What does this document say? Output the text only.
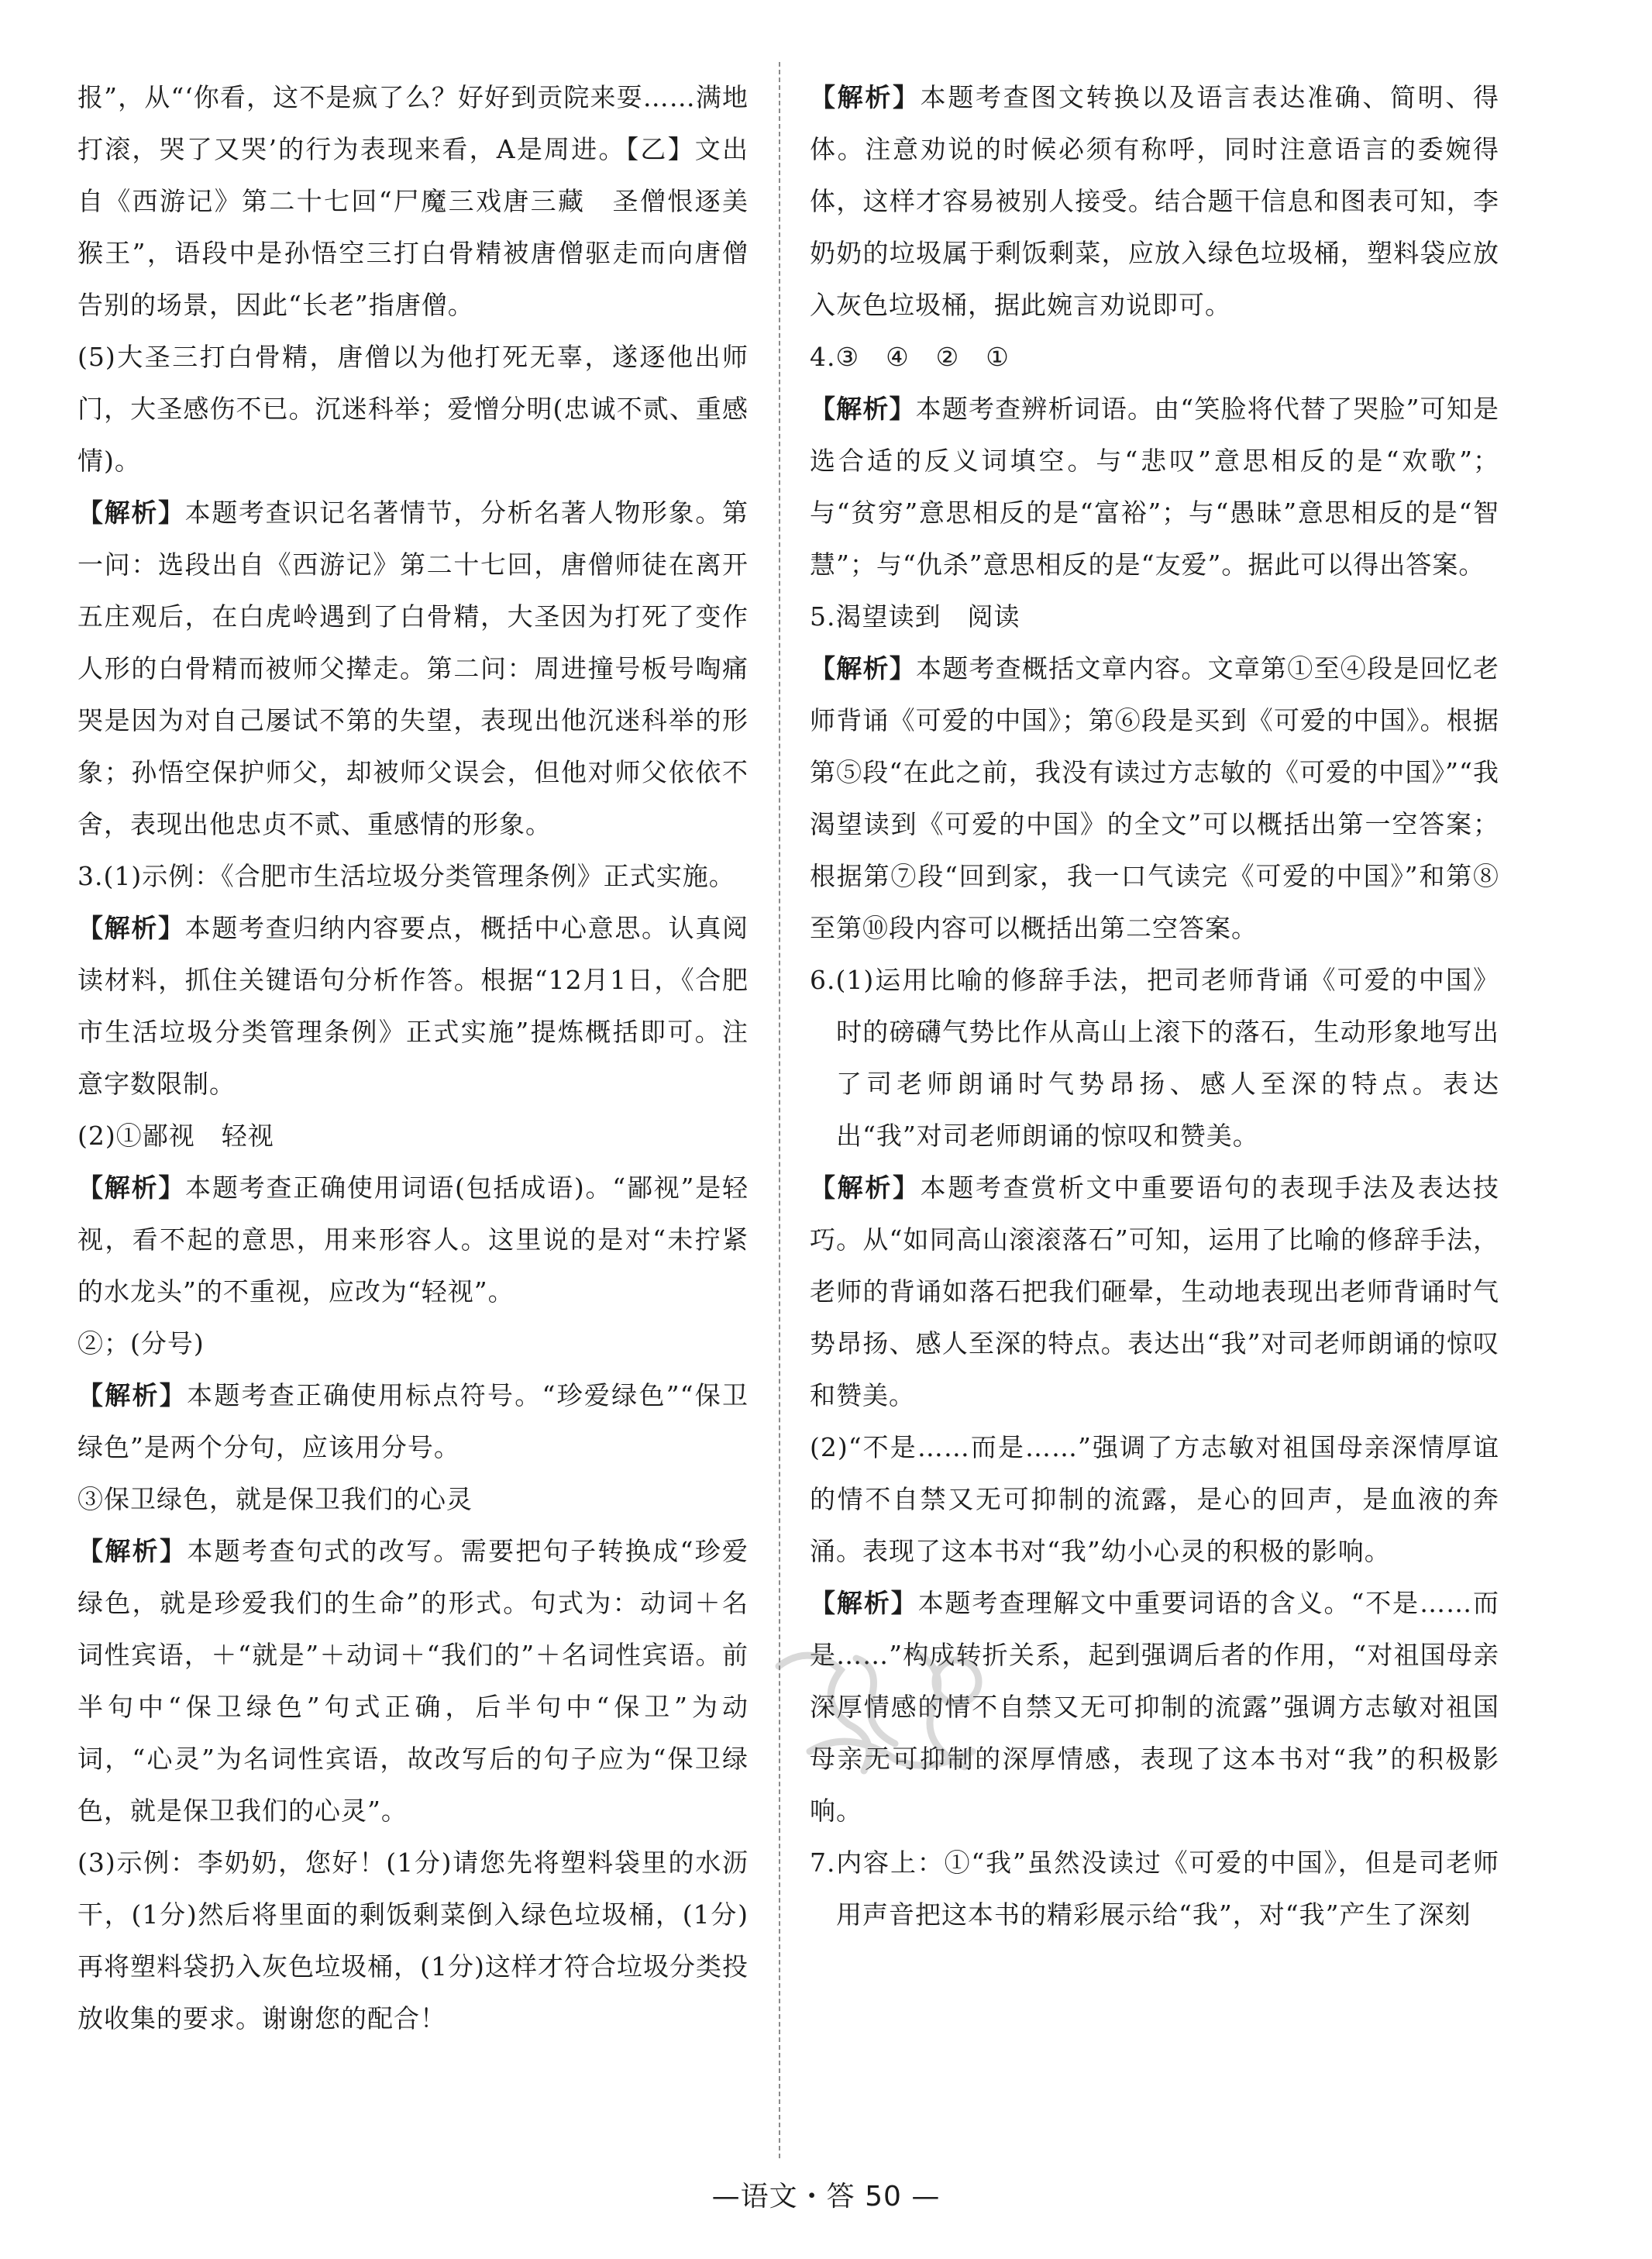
报”，从“‘你看，这不是疯了么？好好到贡院来耍……满地打滚，哭了又哭’的行为表现来看，A是周进。【乙】文出自《西游记》第二十七回“尸魔三戏唐三藏　圣僧恨逐美猴王”，语段中是孙悟空三打白骨精被唐僧驱走而向唐僧告别的场景，因此“长老”指唐僧。

(5)大圣三打白骨精，唐僧以为他打死无辜，遂逐他出师门，大圣感伤不已。沉迷科举；爱憎分明(忠诚不贰、重感情)。

【解析】本题考查识记名著情节，分析名著人物形象。第一问：选段出自《西游记》第二十七回，唐僧师徒在离开五庄观后，在白虎岭遇到了白骨精，大圣因为打死了变作人形的白骨精而被师父撵走。第二问：周进撞号板号啕痛哭是因为对自己屡试不第的失望，表现出他沉迷科举的形象；孙悟空保护师父，却被师父误会，但他对师父依依不舍，表现出他忠贞不贰、重感情的形象。

3.(1)示例：《合肥市生活垃圾分类管理条例》正式实施。

【解析】本题考查归纳内容要点，概括中心意思。认真阅读材料，抓住关键语句分析作答。根据“12月1日，《合肥市生活垃圾分类管理条例》正式实施”提炼概括即可。注意字数限制。

(2)①鄙视　轻视

【解析】本题考查正确使用词语(包括成语)。“鄙视”是轻视，看不起的意思，用来形容人。这里说的是对“未拧紧的水龙头”的不重视，应改为“轻视”。

②；(分号)

【解析】本题考查正确使用标点符号。“珍爱绿色”“保卫绿色”是两个分句，应该用分号。

③保卫绿色，就是保卫我们的心灵

【解析】本题考查句式的改写。需要把句子转换成“珍爱绿色，就是珍爱我们的生命”的形式。句式为：动词＋名词性宾语，＋“就是”＋动词＋“我们的”＋名词性宾语。前半句中“保卫绿色”句式正确，后半句中“保卫”为动词，“心灵”为名词性宾语，故改写后的句子应为“保卫绿色，就是保卫我们的心灵”。

(3)示例：李奶奶，您好！(1分)请您先将塑料袋里的水沥干，(1分)然后将里面的剩饭剩菜倒入绿色垃圾桶，(1分)再将塑料袋扔入灰色垃圾桶，(1分)这样才符合垃圾分类投放收集的要求。谢谢您的配合！

【解析】本题考查图文转换以及语言表达准确、简明、得体。注意劝说的时候必须有称呼，同时注意语言的委婉得体，这样才容易被别人接受。结合题干信息和图表可知，李奶奶的垃圾属于剩饭剩菜，应放入绿色垃圾桶，塑料袋应放入灰色垃圾桶，据此婉言劝说即可。

4.③　④　②　①

【解析】本题考查辨析词语。由“笑脸将代替了哭脸”可知是选合适的反义词填空。与“悲叹”意思相反的是“欢歌”；与“贫穷”意思相反的是“富裕”；与“愚昧”意思相反的是“智慧”；与“仇杀”意思相反的是“友爱”。据此可以得出答案。

5.渴望读到　阅读

【解析】本题考查概括文章内容。文章第①至④段是回忆老师背诵《可爱的中国》；第⑥段是买到《可爱的中国》。根据第⑤段“在此之前，我没有读过方志敏的《可爱的中国》”“我渴望读到《可爱的中国》的全文”可以概括出第一空答案；根据第⑦段“回到家，我一口气读完《可爱的中国》”和第⑧至第⑩段内容可以概括出第二空答案。

6.(1)运用比喻的修辞手法，把司老师背诵《可爱的中国》时的磅礴气势比作从高山上滚下的落石，生动形象地写出了司老师朗诵时气势昂扬、感人至深的特点。表达出“我”对司老师朗诵的惊叹和赞美。

【解析】本题考查赏析文中重要语句的表现手法及表达技巧。从“如同高山滚滚落石”可知，运用了比喻的修辞手法，老师的背诵如落石把我们砸晕，生动地表现出老师背诵时气势昂扬、感人至深的特点。表达出“我”对司老师朗诵的惊叹和赞美。

(2)“不是……而是……”强调了方志敏对祖国母亲深情厚谊的情不自禁又无可抑制的流露，是心的回声，是血液的奔涌。表现了这本书对“我”幼小心灵的积极的影响。

【解析】本题考查理解文中重要词语的含义。“不是……而是……”构成转折关系，起到强调后者的作用，“对祖国母亲深厚情感的情不自禁又无可抑制的流露”强调方志敏对祖国母亲无可抑制的深厚情感，表现了这本书对“我”的积极影响。

7.内容上：①“我”虽然没读过《可爱的中国》，但是司老师用声音把这本书的精彩展示给“我”，对“我”产生了深刻

—语文・答 50 —
